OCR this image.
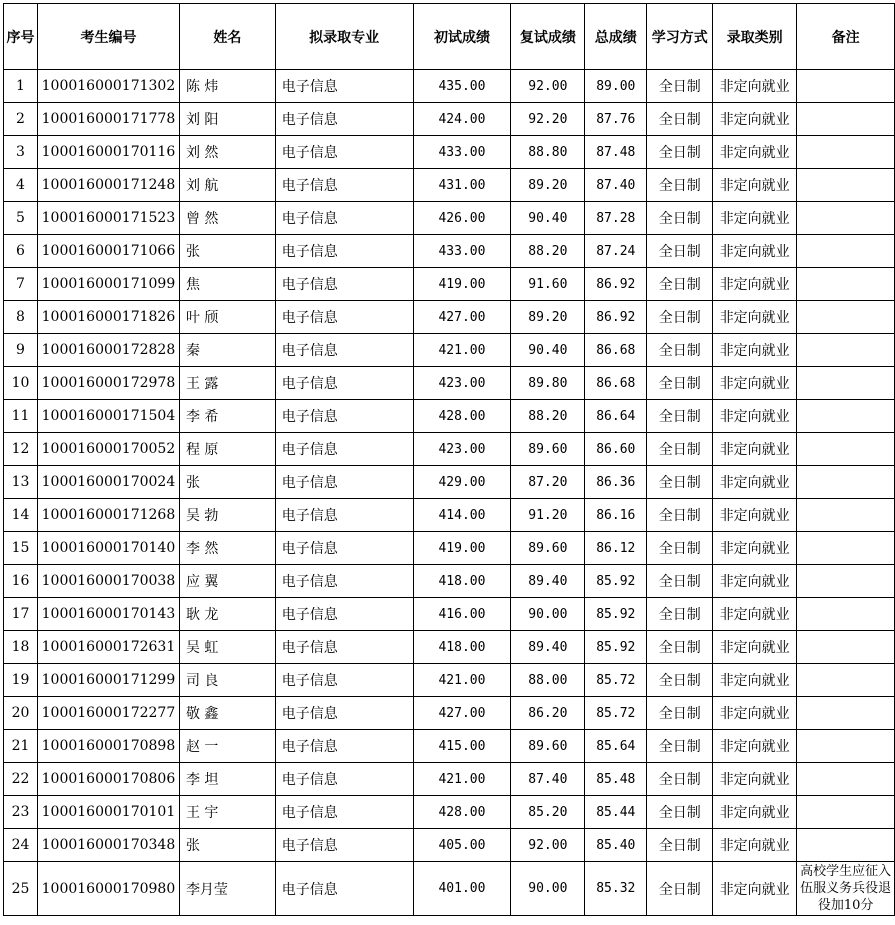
序号	考生编号	姓名	拟录取专业	初试成绩	复试成绩	总成绩	学习方式	录取类别	备注
1	100016000171302	陈 炜	电子信息	435.00	92.00	89.00	全日制	非定向就业	
2	100016000171778	刘 阳	电子信息	424.00	92.20	87.76	全日制	非定向就业	
3	100016000170116	刘 然	电子信息	433.00	88.80	87.48	全日制	非定向就业	
4	100016000171248	刘 航	电子信息	431.00	89.20	87.40	全日制	非定向就业	
5	100016000171523	曾 然	电子信息	426.00	90.40	87.28	全日制	非定向就业	
6	100016000171066	张	电子信息	433.00	88.20	87.24	全日制	非定向就业	
7	100016000171099	焦	电子信息	419.00	91.60	86.92	全日制	非定向就业	
8	100016000171826	叶 颀	电子信息	427.00	89.20	86.92	全日制	非定向就业	
9	100016000172828	秦	电子信息	421.00	90.40	86.68	全日制	非定向就业	
10	100016000172978	王 露	电子信息	423.00	89.80	86.68	全日制	非定向就业	
11	100016000171504	李 希	电子信息	428.00	88.20	86.64	全日制	非定向就业	
12	100016000170052	程 原	电子信息	423.00	89.60	86.60	全日制	非定向就业	
13	100016000170024	张	电子信息	429.00	87.20	86.36	全日制	非定向就业	
14	100016000171268	吴 勃	电子信息	414.00	91.20	86.16	全日制	非定向就业	
15	100016000170140	李 然	电子信息	419.00	89.60	86.12	全日制	非定向就业	
16	100016000170038	应 翼	电子信息	418.00	89.40	85.92	全日制	非定向就业	
17	100016000170143	耿 龙	电子信息	416.00	90.00	85.92	全日制	非定向就业	
18	100016000172631	吴 虹	电子信息	418.00	89.40	85.92	全日制	非定向就业	
19	100016000171299	司 良	电子信息	421.00	88.00	85.72	全日制	非定向就业	
20	100016000172277	敬 鑫	电子信息	427.00	86.20	85.72	全日制	非定向就业	
21	100016000170898	赵 一	电子信息	415.00	89.60	85.64	全日制	非定向就业	
22	100016000170806	李 坦	电子信息	421.00	87.40	85.48	全日制	非定向就业	
23	100016000170101	王 宇	电子信息	428.00	85.20	85.44	全日制	非定向就业	
24	100016000170348	张	电子信息	405.00	92.00	85.40	全日制	非定向就业	
25	100016000170980	李月莹	电子信息	401.00	90.00	85.32	全日制	非定向就业	高校学生应征入伍服义务兵役退役加10分
